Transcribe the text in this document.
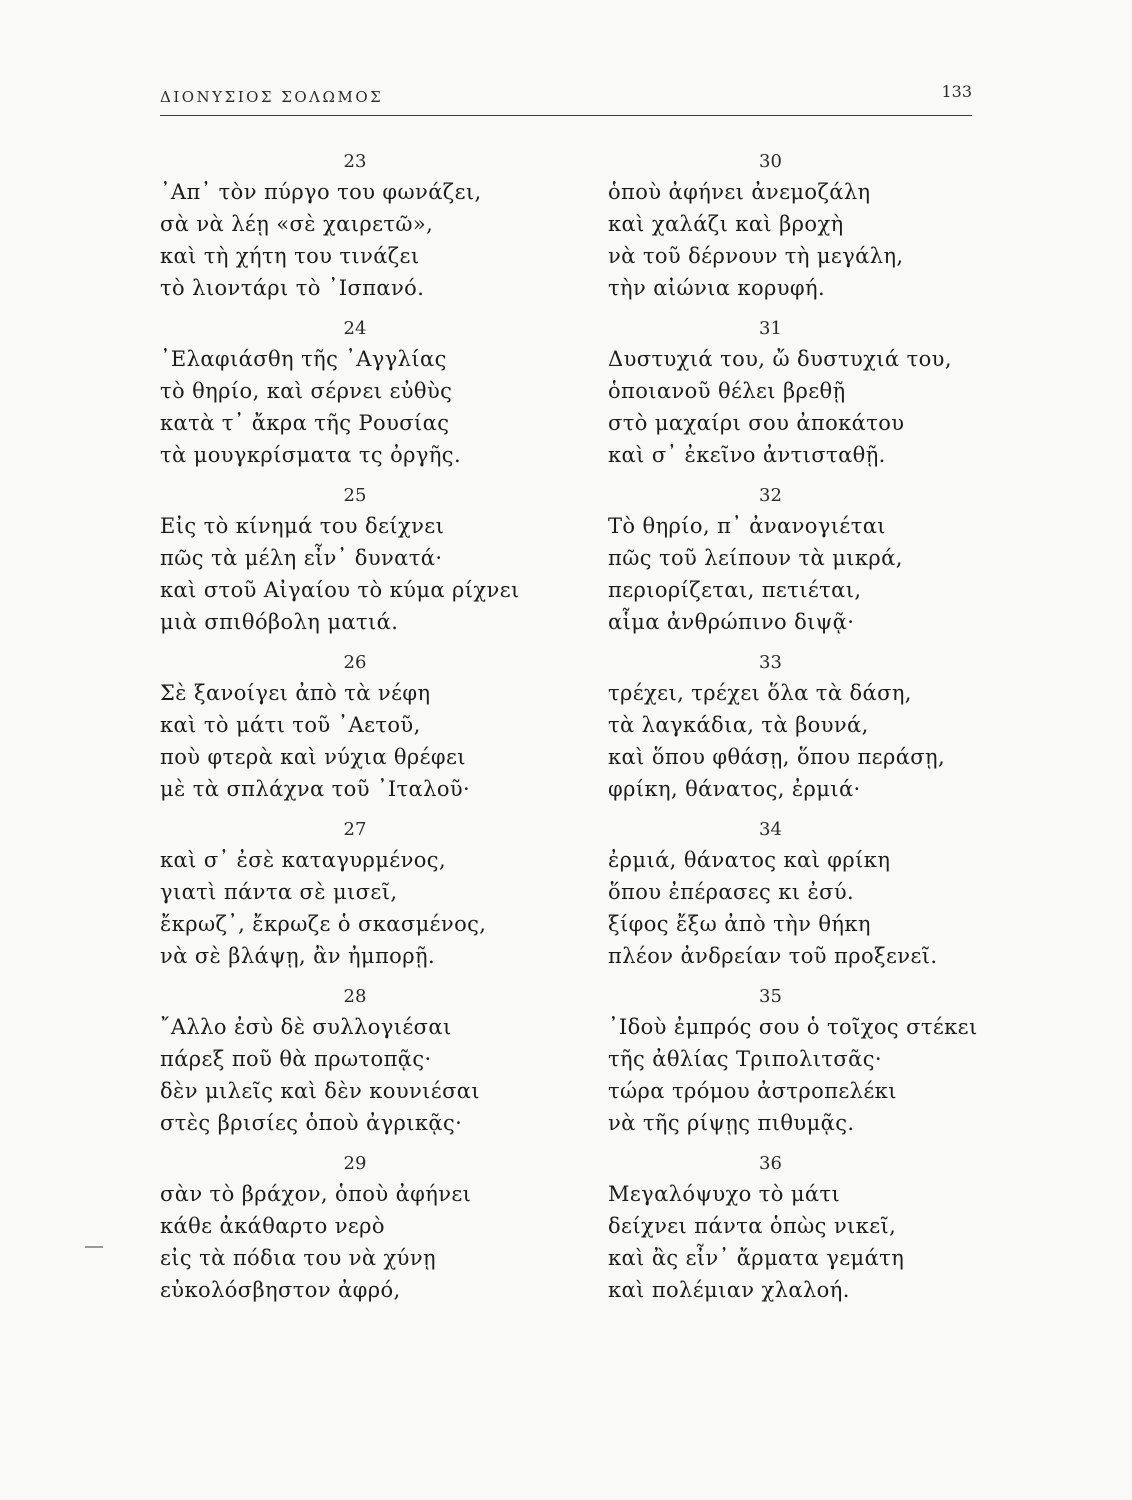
ΔΙΟΝΥΣΙΟΣ ΣΟΛΩΜΟΣ	133
23
᾿Απ᾿ τὸν πύργο του φωνάζει,
σὰ νὰ λέῃ «σὲ χαιρετῶ»,
καὶ τὴ χήτη του τινάζει
τὸ λιοντάρι τὸ ᾿Ισπανό.
24
᾿Ελαφιάσθη τῆς ᾿Αγγλίας
τὸ θηρίο, καὶ σέρνει εὐθὺς
κατὰ τ᾿ ἄκρα τῆς Ρουσίας
τὰ μουγκρίσματα τς ὀργῆς.
25
Εἰς τὸ κίνημά του δείχνει
πῶς τὰ μέλη εἶν᾿ δυνατά·
καὶ στοῦ Αἰγαίου τὸ κύμα ρίχνει
μιὰ σπιθόβολη ματιά.
26
Σὲ ξανοίγει ἀπὸ τὰ νέφη
καὶ τὸ μάτι τοῦ ᾿Αετοῦ,
ποὺ φτερὰ καὶ νύχια θρέφει
μὲ τὰ σπλάχνα τοῦ ᾿Ιταλοῦ·
27
καὶ σ᾿ ἐσὲ καταγυρμένος,
γιατὶ πάντα σὲ μισεῖ,
ἔκρωζ᾿, ἔκρωζε ὁ σκασμένος,
νὰ σὲ βλάψῃ, ἂν ἠμπορῇ.
28
῎Αλλο ἐσὺ δὲ συλλογιέσαι
πάρεξ ποῦ θὰ πρωτοπᾷς·
δὲν μιλεῖς καὶ δὲν κουνιέσαι
στὲς βρισίες ὁποὺ ἀγρικᾷς·
29
σὰν τὸ βράχον, ὁποὺ ἀφήνει
κάθε ἀκάθαρτο νερὸ
εἰς τὰ πόδια του νὰ χύνῃ
εὐκολόσβηστον ἀφρό,
30
ὁποὺ ἀφήνει ἀνεμοζάλη
καὶ χαλάζι καὶ βροχὴ
νὰ τοῦ δέρνουν τὴ μεγάλη,
τὴν αἰώνια κορυφή.
31
Δυστυχιά του, ὤ δυστυχιά του,
ὁποιανοῦ θέλει βρεθῇ
στὸ μαχαίρι σου ἀποκάτου
καὶ σ᾿ ἐκεῖνο ἀντισταθῇ.
32
Τὸ θηρίο, π᾿ ἀνανογιέται
πῶς τοῦ λείπουν τὰ μικρά,
περιορίζεται, πετιέται,
αἷμα ἀνθρώπινο διψᾷ·
33
τρέχει, τρέχει ὅλα τὰ δάση,
τὰ λαγκάδια, τὰ βουνά,
καὶ ὅπου φθάσῃ, ὅπου περάσῃ,
φρίκη, θάνατος, ἐρμιά·
34
ἐρμιά, θάνατος καὶ φρίκη
ὅπου ἐπέρασες κι ἐσύ.
ξίφος ἔξω ἀπὸ τὴν θήκη
πλέον ἀνδρείαν τοῦ προξενεῖ.
35
᾿Ιδοὺ ἐμπρός σου ὁ τοῖχος στέκει
τῆς ἀθλίας Τριπολιτσᾶς·
τώρα τρόμου ἀστροπελέκι
νὰ τῆς ρίψῃς πιθυμᾷς.
36
Μεγαλόψυχο τὸ μάτι
δείχνει πάντα ὁπὼς νικεῖ,
καὶ ἂς εἶν᾿ ἄρματα γεμάτη
καὶ πολέμιαν χλαλοή.
